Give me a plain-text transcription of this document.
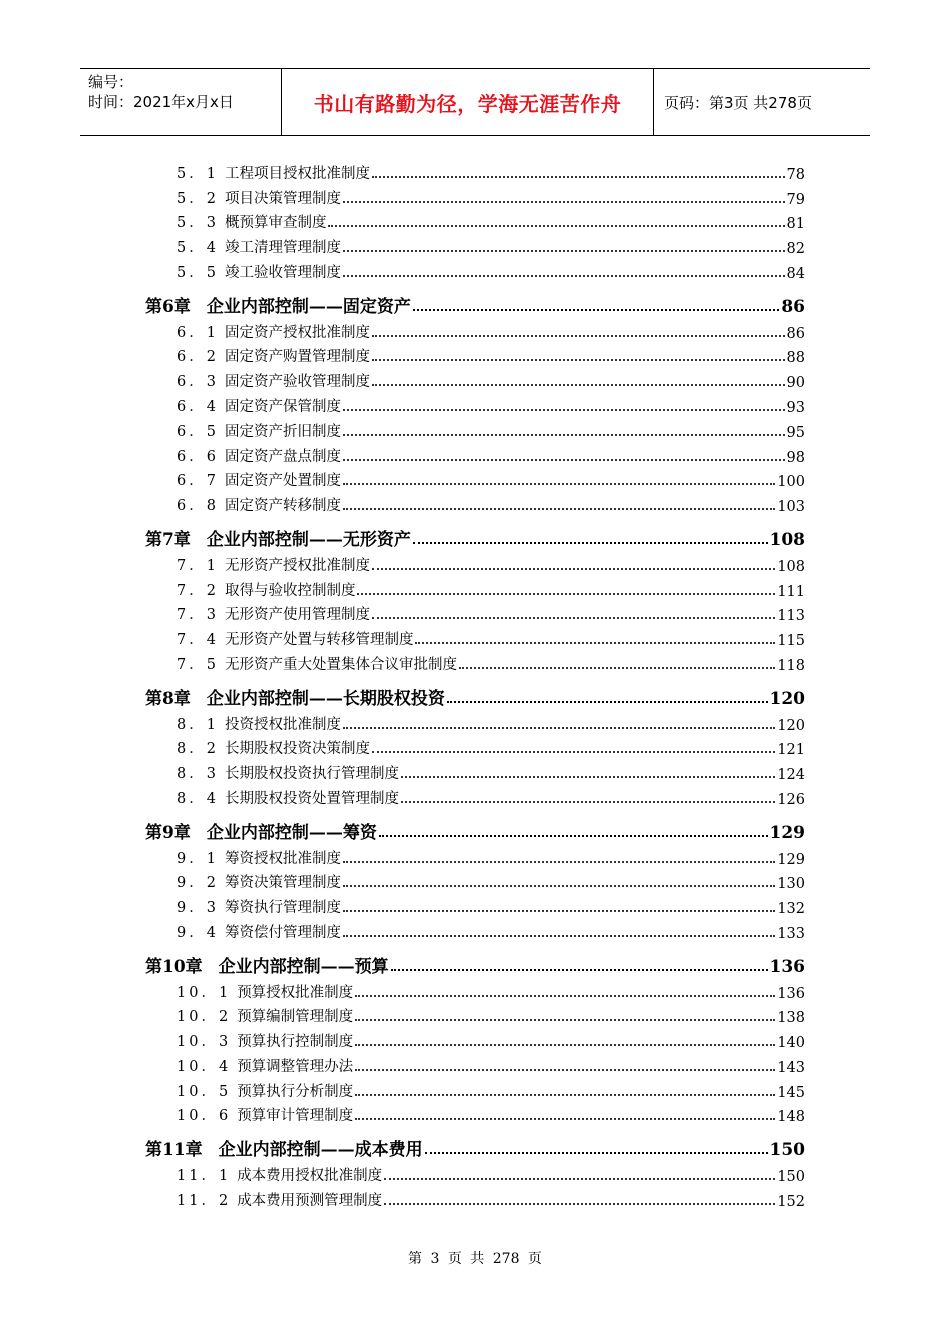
编号：
时间：2021年x月x日	书山有路勤为径，学海无涯苦作舟	页码：第3页 共278页
5．1 工程项目授权批准制度	78
5．2 项目决策管理制度	79
5．3 概预算审查制度	81
5．4 竣工清理管理制度	82
5．5 竣工验收管理制度	84
第6章 企业内部控制——固定资产	86
6．1 固定资产授权批准制度	86
6．2 固定资产购置管理制度	88
6．3 固定资产验收管理制度	90
6．4 固定资产保管制度	93
6．5 固定资产折旧制度	95
6．6 固定资产盘点制度	98
6．7 固定资产处置制度	100
6．8 固定资产转移制度	103
第7章 企业内部控制——无形资产	108
7．1 无形资产授权批准制度	108
7．2 取得与验收控制制度	111
7．3 无形资产使用管理制度	113
7．4 无形资产处置与转移管理制度	115
7．5 无形资产重大处置集体合议审批制度	118
第8章 企业内部控制——长期股权投资	120
8．1 投资授权批准制度	120
8．2 长期股权投资决策制度	121
8．3 长期股权投资执行管理制度	124
8．4 长期股权投资处置管理制度	126
第9章 企业内部控制——筹资	129
9．1 筹资授权批准制度	129
9．2 筹资决策管理制度	130
9．3 筹资执行管理制度	132
9．4 筹资偿付管理制度	133
第10章 企业内部控制——预算	136
10．1 预算授权批准制度	136
10．2 预算编制管理制度	138
10．3 预算执行控制制度	140
10．4 预算调整管理办法	143
10．5 预算执行分析制度	145
10．6 预算审计管理制度	148
第11章 企业内部控制——成本费用	150
11．1 成本费用授权批准制度	150
11．2 成本费用预测管理制度	152
第 3 页 共 278 页
